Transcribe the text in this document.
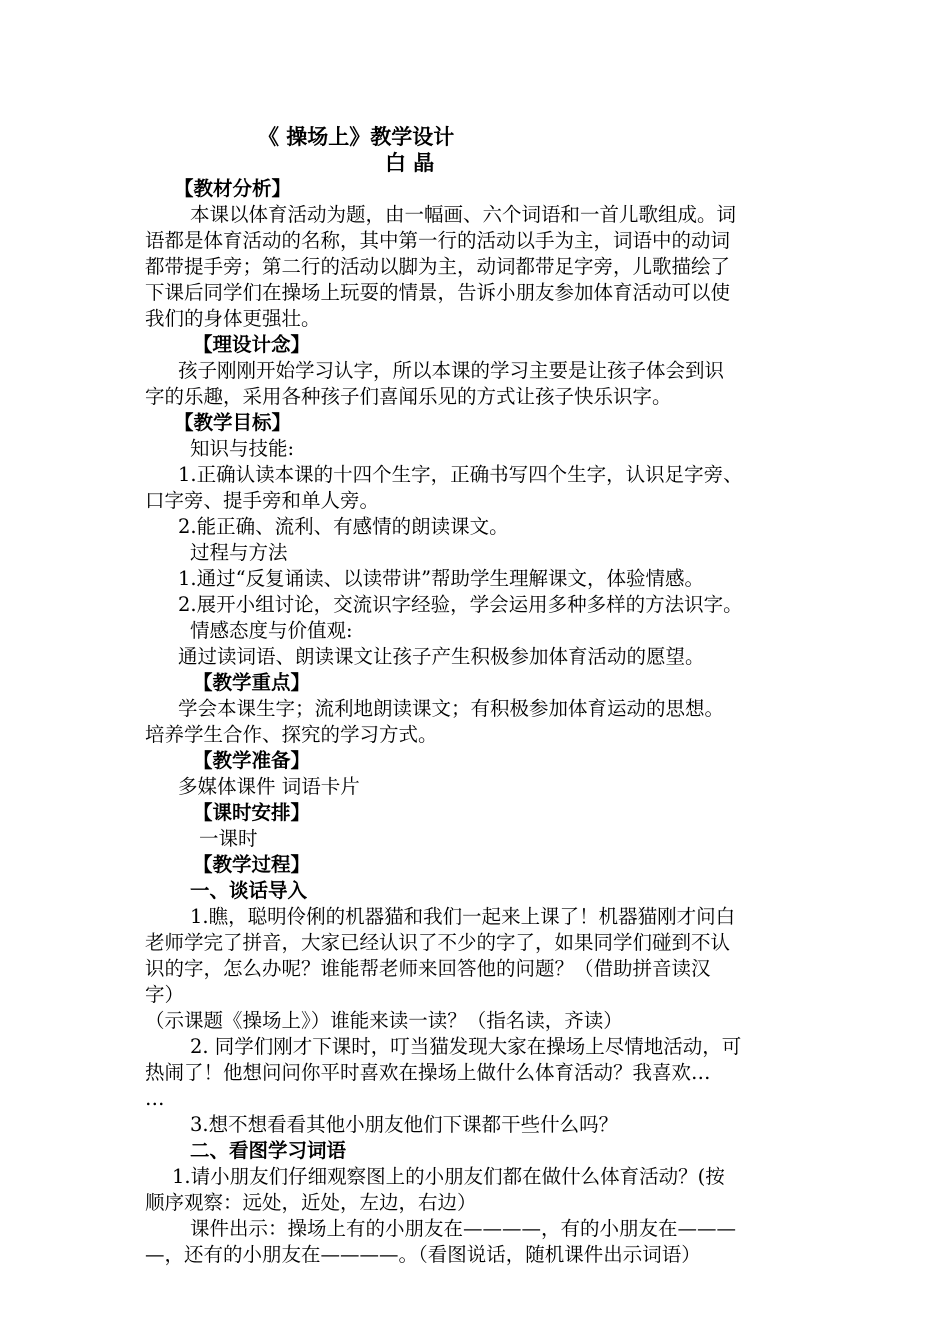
《 操场上》教学设计
白 晶
【教材分析】
本课以体育活动为题，由一幅画、六个词语和一首儿歌组成。词
语都是体育活动的名称，其中第一行的活动以手为主，词语中的动词
都带提手旁；第二行的活动以脚为主，动词都带足字旁，儿歌描绘了
下课后同学们在操场上玩耍的情景，告诉小朋友参加体育活动可以使
我们的身体更强壮。
【理设计念】
孩子刚刚开始学习认字，所以本课的学习主要是让孩子体会到识
字的乐趣，采用各种孩子们喜闻乐见的方式让孩子快乐识字。
【教学目标】
知识与技能:
1.正确认读本课的十四个生字，正确书写四个生字，认识足字旁、
口字旁、提手旁和单人旁。
2.能正确、流利、有感情的朗读课文。
过程与方法
1.通过“反复诵读、以读带讲”帮助学生理解课文，体验情感。
2.展开小组讨论，交流识字经验，学会运用多种多样的方法识字。
情感态度与价值观:
通过读词语、朗读课文让孩子产生积极参加体育活动的愿望。
【教学重点】
学会本课生字；流利地朗读课文；有积极参加体育运动的思想。
培养学生合作、探究的学习方式。
【教学准备】
多媒体课件 词语卡片
【课时安排】
一课时
【教学过程】
一、谈话导入
1.瞧，聪明伶俐的机器猫和我们一起来上课了！机器猫刚才问白
老师学完了拼音，大家已经认识了不少的字了，如果同学们碰到不认
识的字，怎么办呢？谁能帮老师来回答他的问题？（借助拼音读汉
字）
（示课题《操场上》）谁能来读一读？（指名读，齐读）
2. 同学们刚才下课时，叮当猫发现大家在操场上尽情地活动，可
热闹了！他想问问你平时喜欢在操场上做什么体育活动？我喜欢…
…
3.想不想看看其他小朋友他们下课都干些什么吗？
二、看图学习词语
1.请小朋友们仔细观察图上的小朋友们都在做什么体育活动？(按
顺序观察：远处，近处，左边，右边）
课件出示：操场上有的小朋友在————，有的小朋友在———
—，还有的小朋友在————。（看图说话，随机课件出示词语）
